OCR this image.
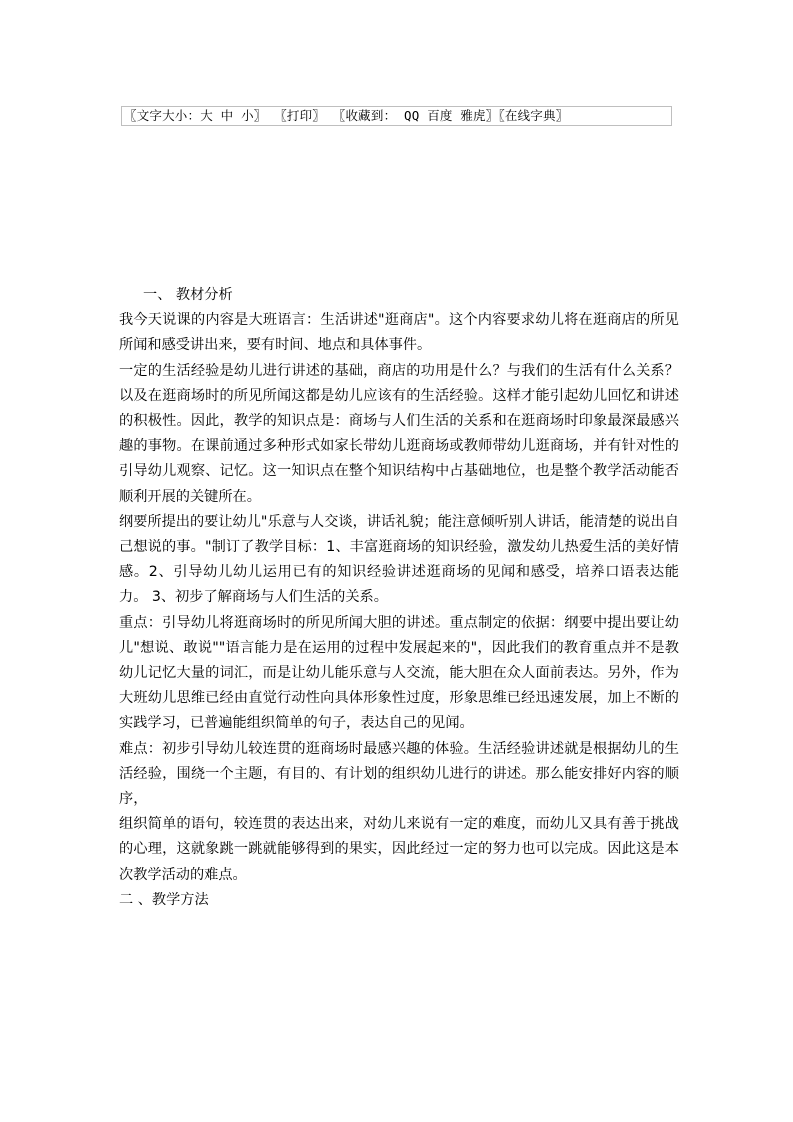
〖文字大小：大 中 小〗 〖打印〗 〖收藏到： QQ 百度 雅虎〗〖在线字典〗

一、 教材分析

我今天说课的内容是大班语言：生活讲述"逛商店"。这个内容要求幼儿将在逛商店的所见所闻和感受讲出来，要有时间、地点和具体事件。

一定的生活经验是幼儿进行讲述的基础，商店的功用是什么？与我们的生活有什么关系？以及在逛商场时的所见所闻这都是幼儿应该有的生活经验。这样才能引起幼儿回忆和讲述的积极性。因此，教学的知识点是：商场与人们生活的关系和在逛商场时印象最深最感兴趣的事物。在课前通过多种形式如家长带幼儿逛商场或教师带幼儿逛商场，并有针对性的引导幼儿观察、记忆。这一知识点在整个知识结构中占基础地位，也是整个教学活动能否顺利开展的关键所在。

纲要所提出的要让幼儿"乐意与人交谈，讲话礼貌；能注意倾听别人讲话，能清楚的说出自己想说的事。"制订了教学目标：1、丰富逛商场的知识经验，激发幼儿热爱生活的美好情感。2、引导幼儿幼儿运用已有的知识经验讲述逛商场的见闻和感受，培养口语表达能力。 3、初步了解商场与人们生活的关系。

重点：引导幼儿将逛商场时的所见所闻大胆的讲述。重点制定的依据：纲要中提出要让幼儿"想说、敢说""语言能力是在运用的过程中发展起来的"，因此我们的教育重点并不是教幼儿记忆大量的词汇，而是让幼儿能乐意与人交流，能大胆在众人面前表达。另外，作为大班幼儿思维已经由直觉行动性向具体形象性过度，形象思维已经迅速发展，加上不断的实践学习，已普遍能组织简单的句子，表达自己的见闻。

难点：初步引导幼儿较连贯的逛商场时最感兴趣的体验。生活经验讲述就是根据幼儿的生活经验，围绕一个主题，有目的、有计划的组织幼儿进行的讲述。那么能安排好内容的顺序，

组织简单的语句，较连贯的表达出来，对幼儿来说有一定的难度，而幼儿又具有善于挑战的心理，这就象跳一跳就能够得到的果实，因此经过一定的努力也可以完成。因此这是本次教学活动的难点。

二 、教学方法
